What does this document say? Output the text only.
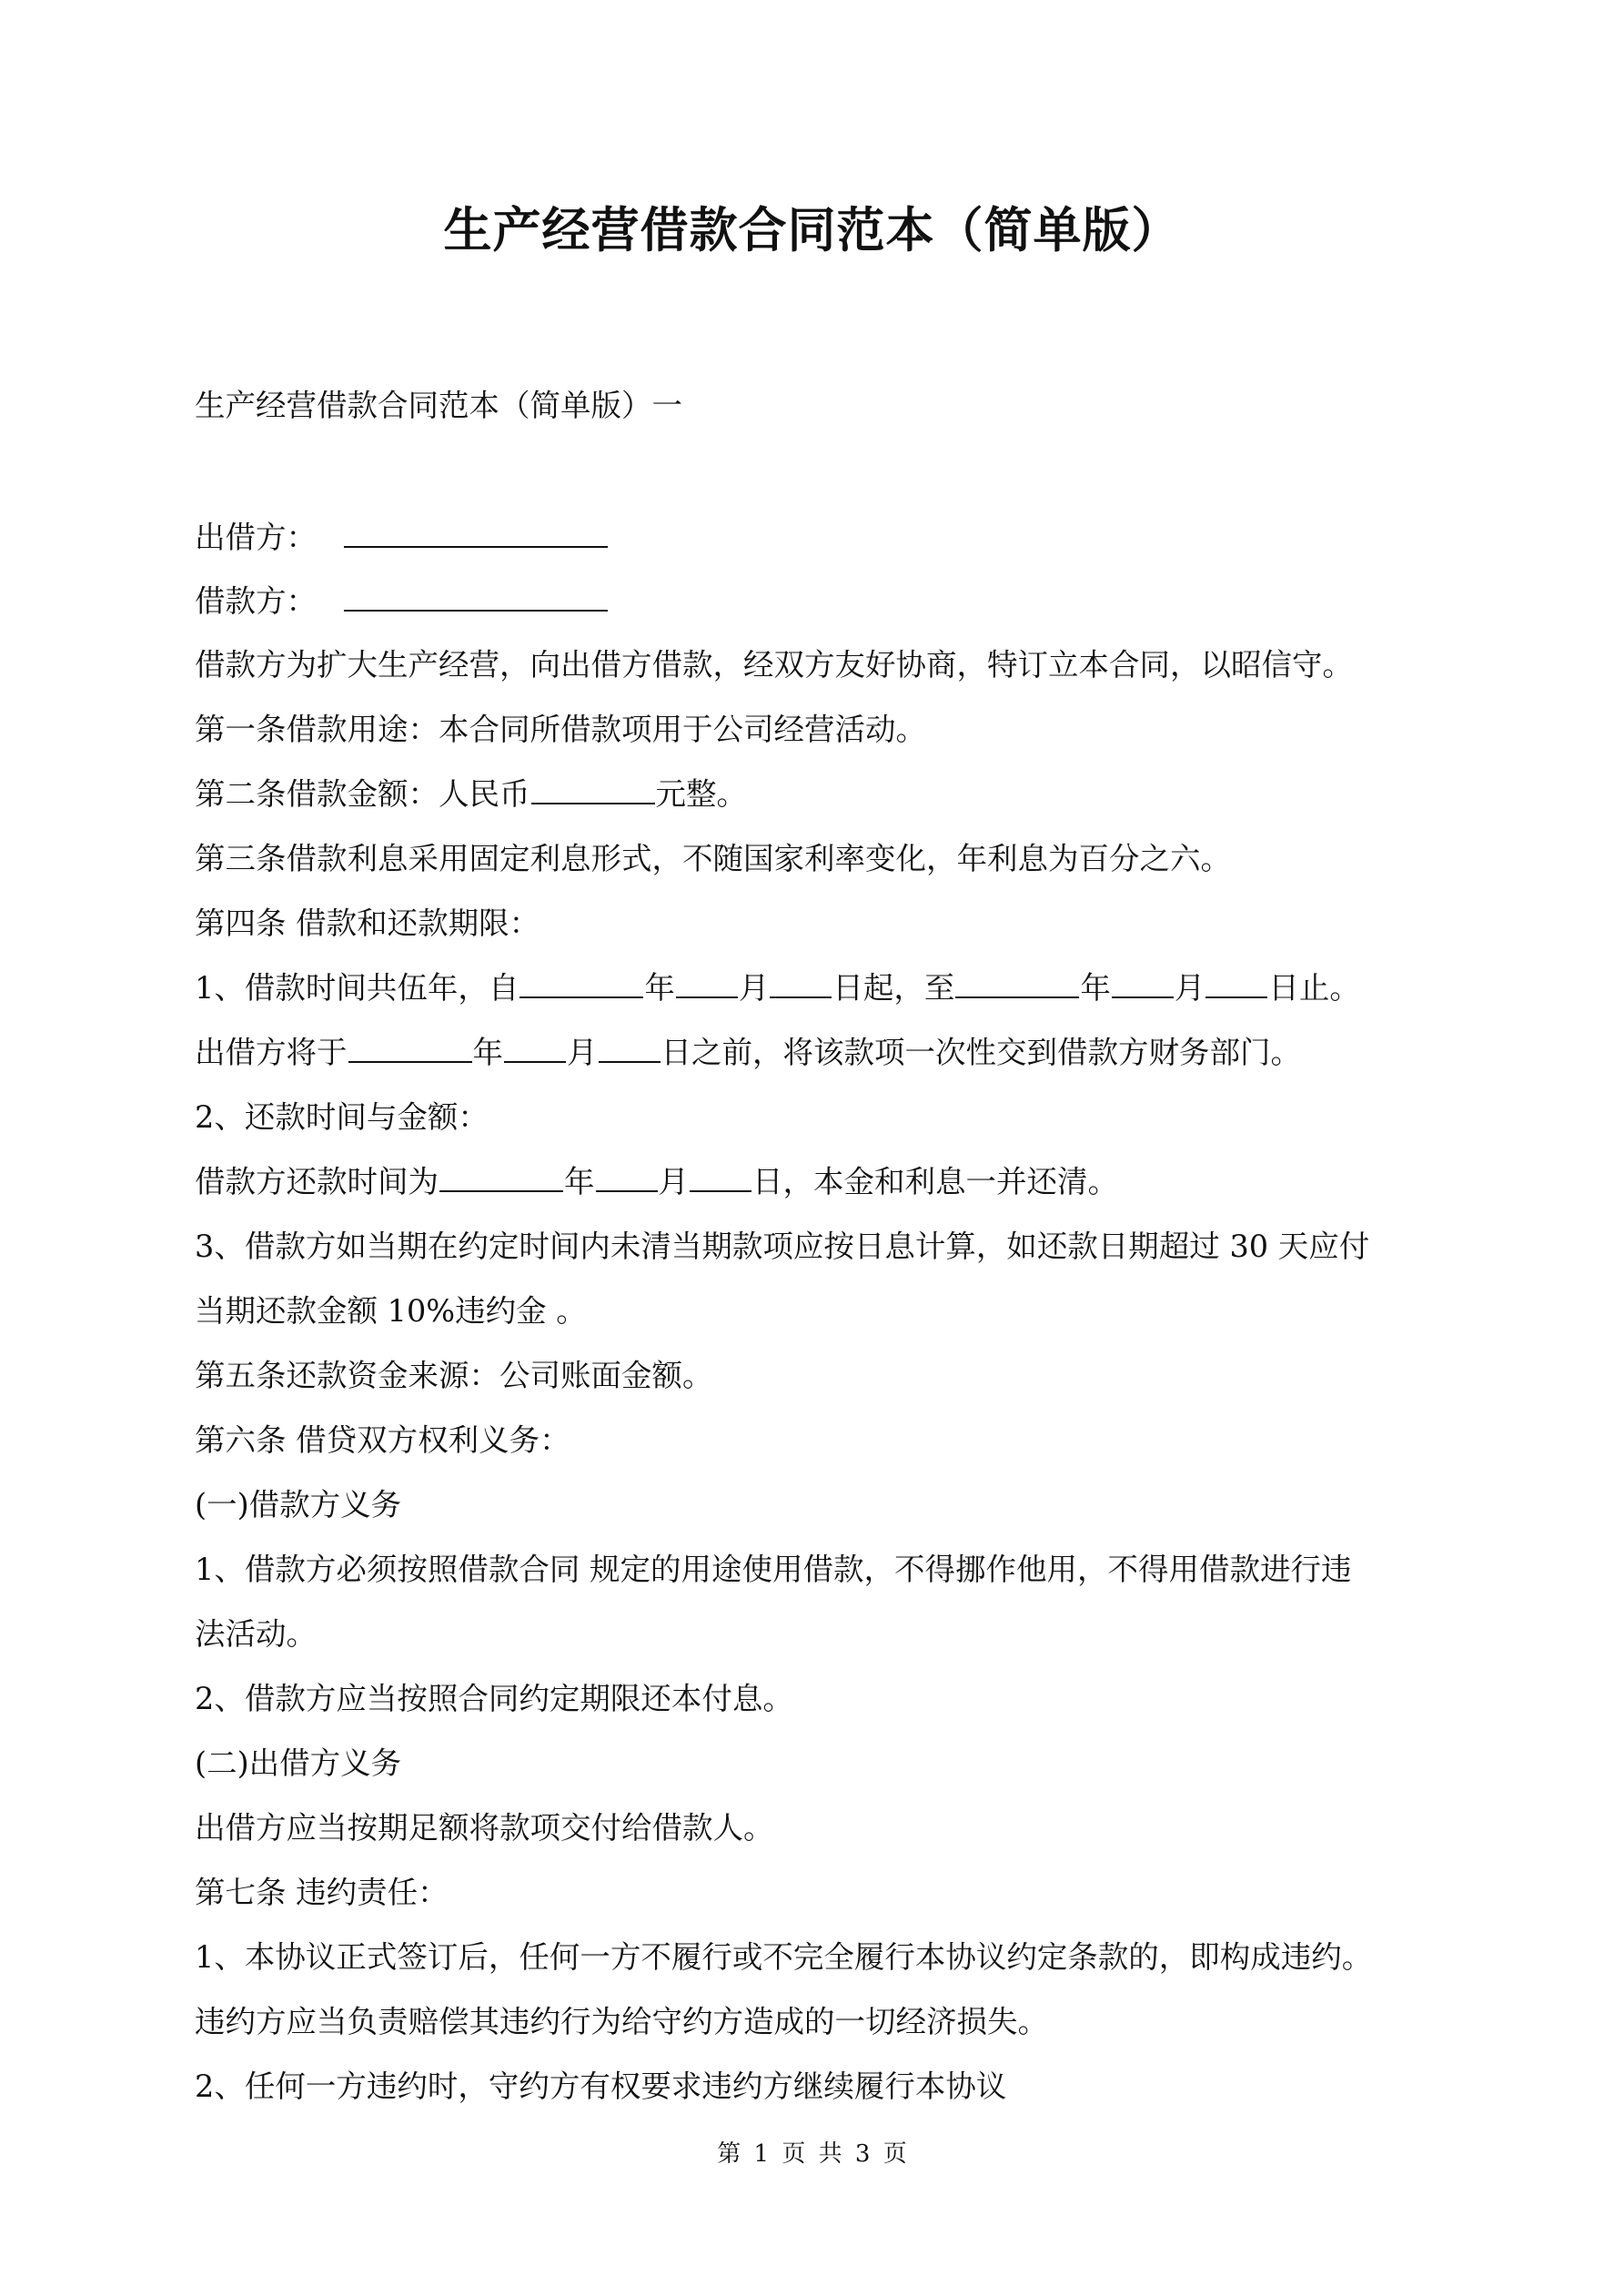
生产经营借款合同范本（简单版）

生产经营借款合同范本（简单版）一

出借方：

借款方：

借款方为扩大生产经营，向出借方借款，经双方友好协商，特订立本合同，以昭信守。

第一条借款用途：本合同所借款项用于公司经营活动。

第二条借款金额：人民币	元整。

第三条借款利息采用固定利息形式，不随国家利率变化，年利息为百分之六。

第四条 借款和还款期限：

1、借款时间共伍年，自	年 月 日起，至	年 月 日止。

出借方将于	年 月 日之前，将该款项一次性交到借款方财务部门。

2、还款时间与金额：

借款方还款时间为	年 月 日，本金和利息一并还清。

3、借款方如当期在约定时间内未清当期款项应按日息计算，如还款日期超过 30 天应付

当期还款金额 10%违约金 。

第五条还款资金来源：公司账面金额。

第六条 借贷双方权利义务：

(一)借款方义务

1、借款方必须按照借款合同 规定的用途使用借款，不得挪作他用，不得用借款进行违

法活动。

2、借款方应当按照合同约定期限还本付息。

(二)出借方义务

出借方应当按期足额将款项交付给借款人。

第七条 违约责任：

1、本协议正式签订后，任何一方不履行或不完全履行本协议约定条款的，即构成违约。

违约方应当负责赔偿其违约行为给守约方造成的一切经济损失。

2、任何一方违约时，守约方有权要求违约方继续履行本协议

第 1 页 共 3 页
